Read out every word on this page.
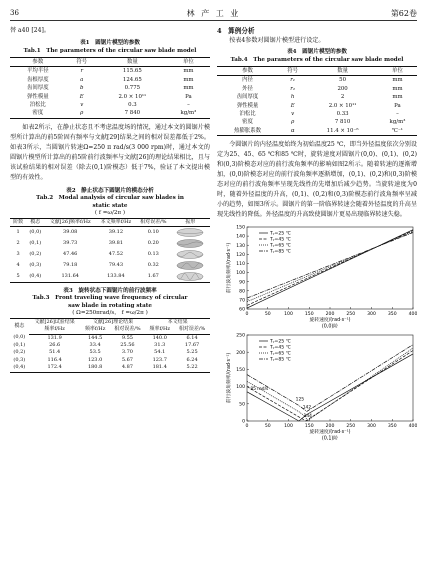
36	林 产 工 业	第62卷

替 a40 [24]。

表1　圆锯片模型的参数

Tab.1　The parameters of the circular saw blade model

参数	符号	数量	单位
平均半径	r	115.65	mm
齿根厚度	a	124.65	mm
齿间厚度	b	0.775	mm
弹性模量	E	2.0 × 10¹¹	Pa
泊松比	v	0.3	–
密度	ρ	7 840	kg/m³

如表2所示，在静止状态且不考虑温度场的情况，通过本文的圆锯片模型所计算出的前5阶固有频率与文献[29]结果之间的相对误差都低于2%。如表3所示，当圆锯片转速Ω=250 π rad/s(3 000 rpm)时，通过本文的圆锯片模型所计算出的前5阶前行波频率与文献[26]的理论结果相比，且与该试验结果的相对误差（除去(0,1)阶模态）低于7%，验证了本文提出模型的有效性。

表2　静止状态下圆锯片的模态分析

Tab.2　Modal analysis of circular saw blades in

static state

( f =ω/2π )

阶数	模态	文献[26]频率f/Hz	本文频率f/Hz	相对误差/%	振形
1	(0,0)	39.08	39.12	0.10	

2	(0,1)	39.73	39.81	0.20	

3	(0,2)	47.46	47.52	0.13	

4	(0,3)	79.18	79.43	0.32	

5	(0,4)	131.64	133.84	1.67	

表3　旋转状态下圆锯片的前行波频率

Tab.3　Front traveling wave frequency of circular

saw blade in rotating state

( Ω=250πrad/s， f =ω/2π )

模态	文献[26]试验结果	文献[26]理论结果		本文结果	
	频率f/Hz	频率f/Hz	相对误差/%	频率f/Hz	相对误差/%
(0,0)	131.9	144.5	9.55	140.0	6.14
(0,1)	26.6	33.4	25.56	31.3	17.67
(0,2)	51.4	53.5	3.70	54.1	5.25
(0,3)	116.4	123.0	5.67	123.7	6.24
(0,4)	172.4	180.8	4.87	181.4	5.22

4　算例分析

按表4参数对圆锯片模型进行设定。

表4　圆锯片模型的参数

Tab.4　The parameters of the circular saw blade model

参数	符号	数量	单位
内径	r₁	50	mm
外径	r₂	200	mm
齿间厚度	h	2	mm
弹性模量	E	2.0 × 10¹¹	Pa
泊松比	v	0.33	–
密度	ρ	7 810	kg/m³
热膨胀系数	α	11.4 × 10⁻⁶	℃⁻¹

令圆锯片的内径温度始终为初始温度25 ℃，即当外径温度依次分别设定为25、45、65 ℃和85 ℃时，旋转速度对圆锯片(0,0)、(0,1)、(0,2)和(0,3)阶模态对应的前行波角频率的影响如图2所示。随着转速的逐渐增加，(0,0)阶模态对应的前行波角频率逐渐增加，(0,1)、(0,2)和(0,3)阶模态对应的前行波角频率呈现先线性的先增加后减少趋势。当旋转速度为0时，随着外径温度的升高，(0,1)、(0,2)和(0,3)阶模态前行波角频率呈减小的趋势，如图3所示。圆锯片的第一阶临界转速会随着外径温度的升高呈现先线性的降低。外径温度的升高致使圆锯片更易出现临界转速失稳。

150
140
130
120
110
100
90
80
70
60
0	50	100	150	200	250	300	350	400
旋转速度/(rad·s⁻¹)
(0,0)阶
前行波角频率/(rad·s⁻¹)
Tᵧ=25 ℃
Tᵧ=45 ℃
Tᵧ=65 ℃
Tᵧ=85 ℃
250
200
150
100
50
0
0	50	100	150	200	250	300	350	400
旋转速度/(rad·s⁻¹)
(0,1)阶
前行波角频率/(rad·s⁻¹)
Tᵧ=25 ℃
Tᵧ=45 ℃
Tᵧ=65 ℃
Tᵧ=85 ℃
125
142
144
85 rad/s
